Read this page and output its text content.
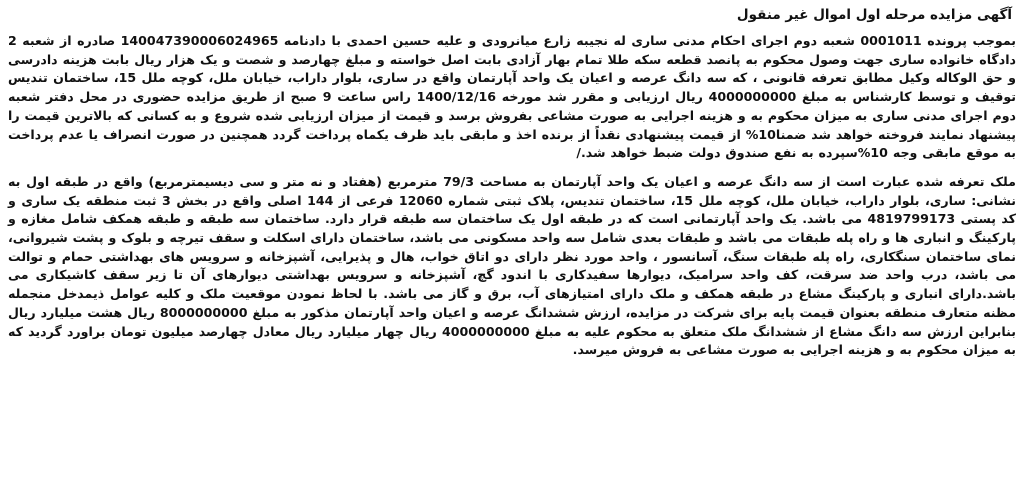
آگهی مزایده مرحله اول اموال غیر منقول

بموجب پرونده 0001011 شعبه دوم اجرای احکام مدنی ساری له نجیبه زارع میانرودی و علیه حسین احمدی با دادنامه 14004739000602496‌5 صادره از شعبه 2 دادگاه خانواده ساری جهت وصول محکوم به پانصد قطعه سکه طلا تمام بهار آزادی بابت اصل خواسته و مبلغ چهارصد و شصت و یک هزار ریال بابت هزینه دادرسی و حق الوکاله وکیل مطابق تعرفه قانونی ، که سه دانگ عرصه و اعیان یک واحد آپارتمان واقع در ساری، بلوار داراب، خیابان ملل، کوچه ملل 15، ساختمان تندیس توقیف و توسط کارشناس به مبلغ 4000000000 ریال ارزیابی و مقرر شد مورخه 1400/12/16 راس ساعت 9 صبح از طریق مزایده حضوری در محل دفتر شعبه دوم اجرای مدنی ساری به میزان محکوم به و هزینه اجرایی به صورت مشاعی بفروش برسد و قیمت از میزان ارزیابی شده شروع و به کسانی که بالاترین قیمت را پیشنهاد نمایند فروخته خواهد شد ضمنا10% از قیمت پیشنهادی نقداً از برنده اخذ و مابقی باید ظرف یکماه پرداخت گردد همچنین در صورت انصراف یا عدم پرداخت به موقع مابقی وجه 10%سپرده به نفع صندوق دولت ضبط خواهد شد./

ملک تعرفه شده عبارت است از سه دانگ عرصه و اعیان یک واحد آپارتمان به مساحت 79/3 مترمربع (هفتاد و نه متر و سی دیسیمترمربع) واقع در طبقه اول به نشانی: ساری، بلوار داراب، خیابان ملل، کوچه ملل 15، ساختمان تندیس، پلاک ثبتی شماره 12060 فرعی از 144 اصلی واقع در بخش 3 ثبت منطقه یک ساری و کد پستی 4819799173 می باشد. یک واحد آپارتمانی است که در طبقه اول یک ساختمان سه طبقه قرار دارد. ساختمان سه طبقه و طبقه همکف شامل مغازه و پارکینگ و انباری ها و راه پله طبقات می باشد و طبقات بعدی شامل سه واحد مسکونی می باشد، ساختمان دارای اسکلت و سقف تیرچه و بلوک و پشت شیروانی، نمای ساختمان سنگکاری، راه پله طبقات سنگ، آسانسور ، واحد مورد نظر دارای دو اتاق خواب، هال و پذیرایی، آشپزخانه و سرویس های بهداشتی حمام و توالت می باشد، درب واحد ضد سرقت، کف واحد سرامیک، دیوارها سفیدکاری با اندود گچ، آشپزخانه و سرویس بهداشتی دیوارهای آن تا زیر سقف کاشیکاری می باشد.دارای انباری و پارکینگ مشاع در طبقه همکف و ملک دارای امتیازهای آب، برق و گاز می باشد. با لحاظ نمودن موقعیت ملک و کلیه عوامل ذیمدخل منجمله مظنه متعارف منطقه بعنوان قیمت پایه برای شرکت در مزایده، ارزش ششدانگ عرصه و اعیان واحد آپارتمان مذکور به مبلغ 8000000000 ریال هشت میلیارد ریال بنابراین ارزش سه دانگ مشاع از ششدانگ ملک متعلق به محکوم علیه به مبلغ 4000000000 ریال چهار میلیارد ریال معادل چهارصد میلیون تومان براورد گردید که به میزان محکوم به و هزینه اجرایی به صورت مشاعی به فروش میرسد.
